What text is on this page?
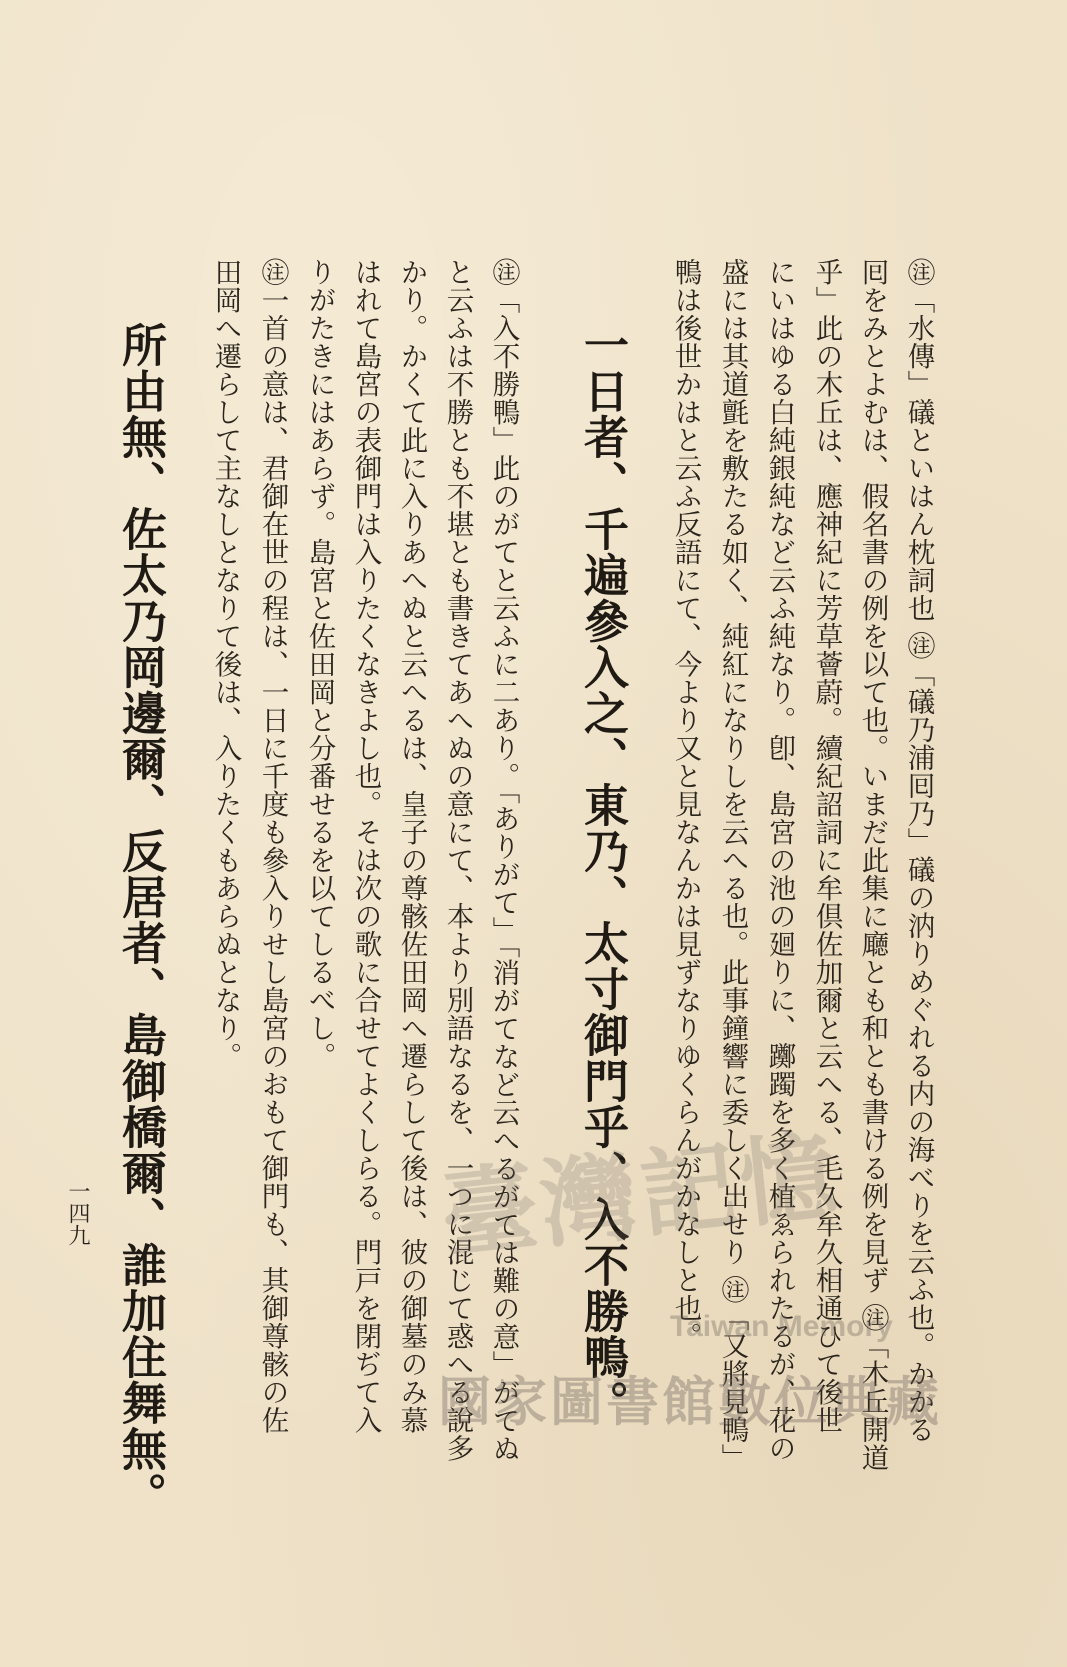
㊟「水傳」礒といはん枕詞也 ㊟「礒乃浦囘乃」礒の汭りめぐれる内の海べりを云ふ也。かかる
囘をみとよむは、假名書の例を以て也。いまだ此集に廰とも和とも書ける例を見ず ㊟「木丘開道
乎」此の木丘は、應神紀に芳草薈蔚。續紀詔詞に牟倶佐加爾と云へる、毛久牟久相通ひて後世
にいはゆる白純銀純など云ふ純なり。卽、島宮の池の廻りに、躑躅を多く植ゑられたるが、花の
盛には其道氈を敷たる如く、純紅になりしを云へる也。此事鐘響に委しく出せり ㊟「又將見鴨」
鴨は後世かはと云ふ反語にて、今より又と見なんかは見ずなりゆくらんがかなしと也。
一日者、千遍參入之、東乃、太寸御門乎、入不勝鴨。
㊟「入不勝鴨」此のがてと云ふに二あり。「ありがて」「消がてなど云へるがては難の意」がてぬ
と云ふは不勝とも不堪とも書きてあへぬの意にて、本より別語なるを、一つに混じて惑へる說多
かり。かくて此に入りあへぬと云へるは、皇子の尊骸佐田岡へ遷らして後は、彼の御墓のみ慕
はれて島宮の表御門は入りたくなきよし也。そは次の歌に合せてよくしらる。門戸を閉ぢて入
りがたきにはあらず。島宮と佐田岡と分番せるを以てしるべし。
㊟一首の意は、君御在世の程は、一日に千度も參入りせし島宮のおもて御門も、其御尊骸の佐
田岡へ遷らして主なしとなりて後は、入りたくもあらぬとなり。
所由無、佐太乃岡邊爾、反居者、島御橋爾、誰加住舞無。
一四九	臺灣記憶
Taiwan Memory
國家圖書館數位典藏
